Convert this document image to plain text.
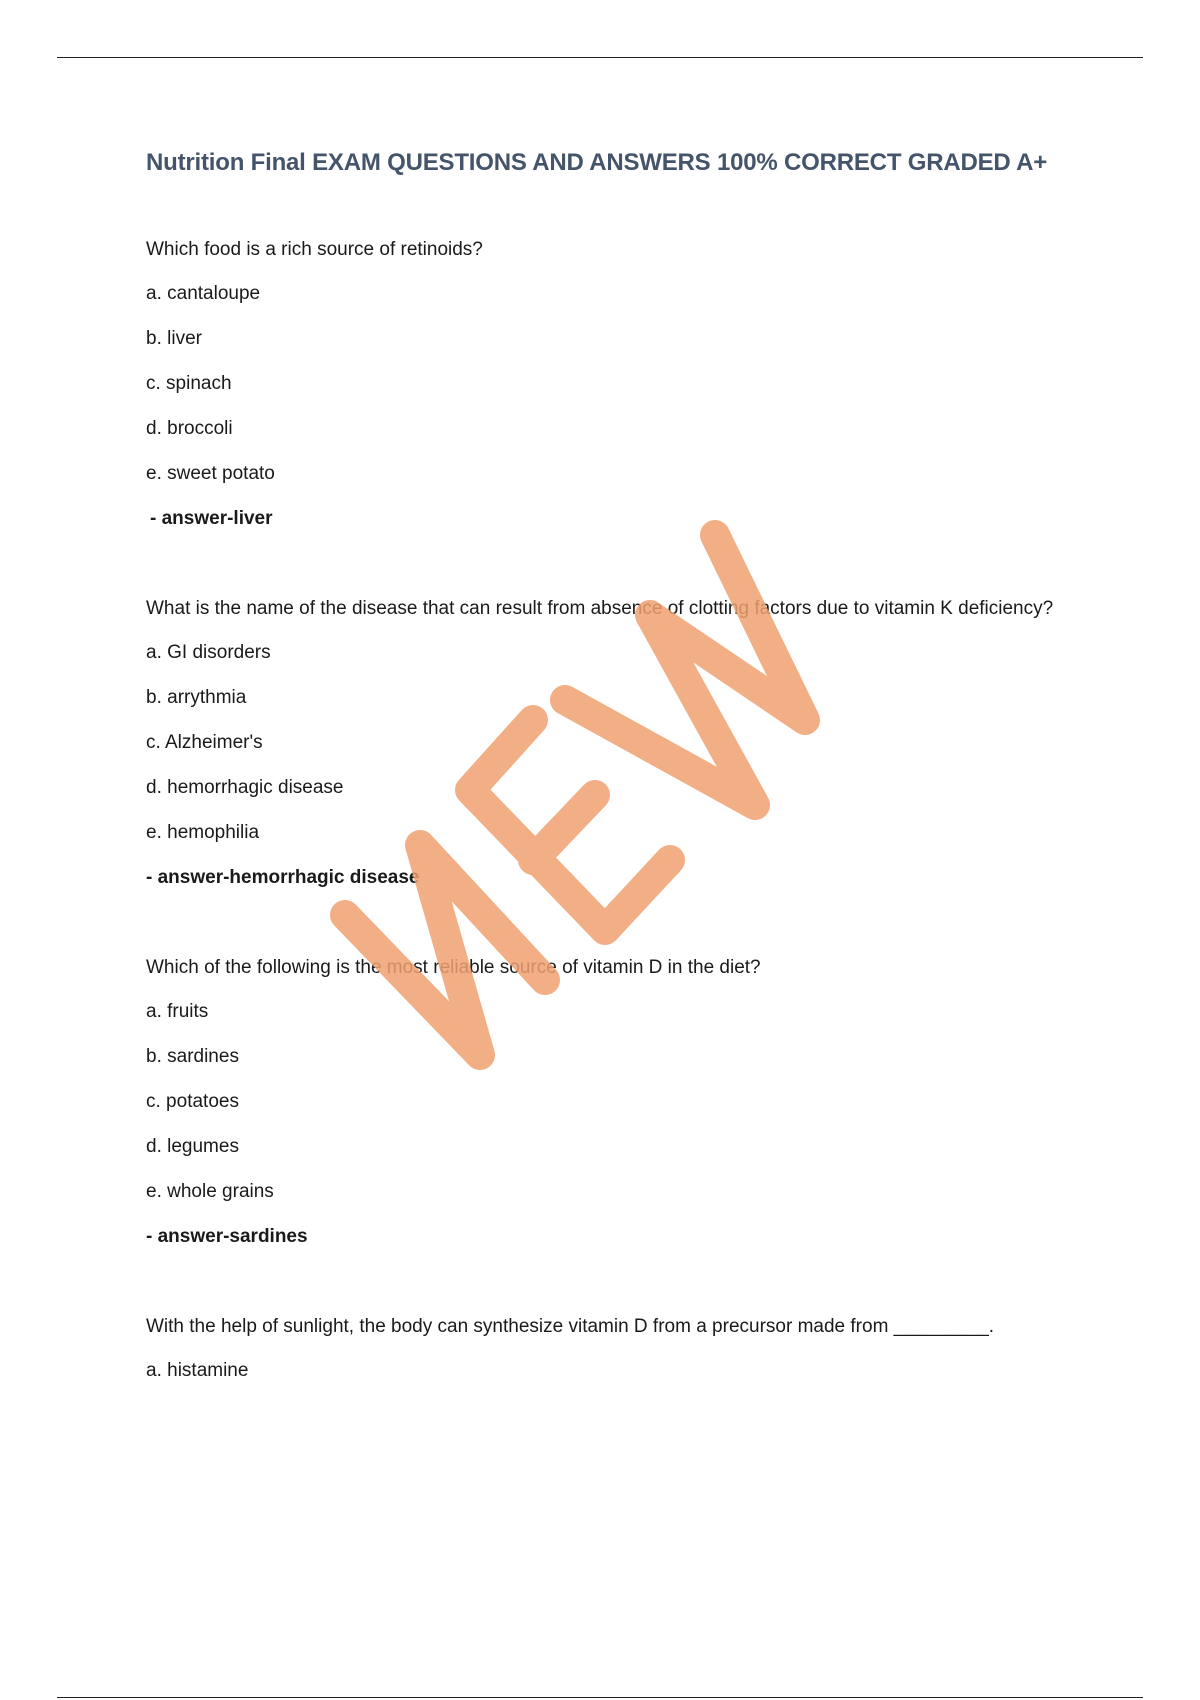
Nutrition Final EXAM QUESTIONS AND ANSWERS 100% CORRECT GRADED A+
Which food is a rich source of retinoids?
a. cantaloupe
b. liver
c. spinach
d. broccoli
e. sweet potato
- answer-liver
What is the name of the disease that can result from absence of clotting factors due to vitamin K deficiency?
a. GI disorders
b. arrythmia
c. Alzheimer's
d. hemorrhagic disease
e. hemophilia
- answer-hemorrhagic disease
Which of the following is the most reliable source of vitamin D in the diet?
a. fruits
b. sardines
c. potatoes
d. legumes
e. whole grains
- answer-sardines
With the help of sunlight, the body can synthesize vitamin D from a precursor made from _________.
a. histamine
